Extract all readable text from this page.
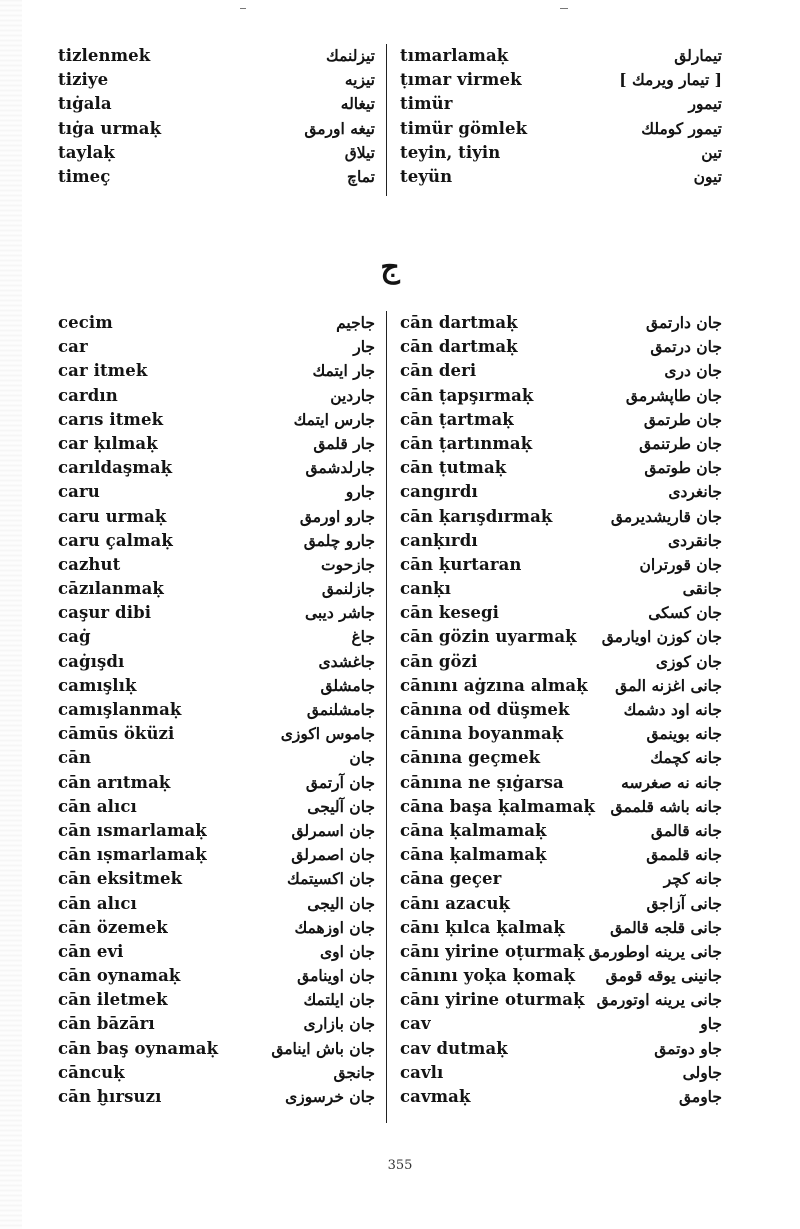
tizlenmek
tiziye
tıġala
tıġa urmaḳ
taylaḳ
timeç
تيزلنمك
تيزيه
تيغاله
تيغه اورمق
تيلاق
تماچ
tımarlamaḳ
ṭımar virmek
timür
timür gömlek
teyin, tiyin
teyün
تيمارلق
[ تيمار ويرمك ]
تيمور
تيمور كوملك
تين
تيون
ج
cecim
car
car itmek
cardın
carıs itmek
car ḳılmaḳ
carıldaşmaḳ
caru
caru urmaḳ
caru çalmaḳ
cazhut
cāzılanmaḳ
caşur dibi
caġ
caġışdı
camışlıḳ
camışlanmaḳ
cāmūs öküzi
cān
cān arıtmaḳ
cān alıcı
cān ısmarlamaḳ
cān ıṣmarlamaḳ
cān eksitmek
cān alıcı
cān özemek
cān evi
cān oynamaḳ
cān iletmek
cān bāzārı
cān baş oynamaḳ
cāncuḳ
cān ḫırsuzı
جاجيم
جار
جار ايتمك
جاردين
جارس ايتمك
جار قلمق
جارلدشمق
جارو
جارو اورمق
جارو چلمق
جازحوت
جازلنمق
جاشر ديبى
جاغ
جاغشدى
جامشلق
جامشلنمق
جاموس اكوزى
جان
جان آرتمق
جان آليجى
جان اسمرلق
جان اصمرلق
جان اكسيتمك
جان اليجى
جان اوزهمك
جان اوى
جان اوينامق
جان ايلتمك
جان بازارى
جان باش اينامق
جانجق
جان خرسوزى
cān dartmaḳ
cān dartmaḳ
cān deri
cān ṭapşırmaḳ
cān ṭartmaḳ
cān ṭartınmaḳ
cān ṭutmaḳ
cangırdı
cān ḳarışdırmaḳ
canḳırdı
cān ḳurtaran
canḳı
cān kesegi
cān gözin uyarmaḳ
cān gözi
cānını aġzına almaḳ
cānına od düşmek
cānına boyanmaḳ
cānına geçmek
cānına ne ṣıġarsa
cāna başa ḳalmamaḳ
cāna ḳalmamaḳ
cāna ḳalmamaḳ
cāna geçer
cānı azacuḳ
cānı ḳılca ḳalmaḳ
cānı yirine oṭurmaḳ
cānını yoḳa ḳomaḳ
cānı yirine oturmaḳ
cav
cav dutmaḳ
cavlı
cavmaḳ
جان دارتمق
جان درتمق
جان درى
جان طاپشرمق
جان طرتمق
جان طرتنمق
جان طوتمق
جانغردى
جان قاريشديرمق
جانقردى
جان قورتران
جانقى
جان كسكى
جان كوزن اويارمق
جان كوزى
جانى اغزنه المق
جانه اود دشمك
جانه بوينمق
جانه كچمك
جانه نه صغرسه
جانه باشه قلممق
جانه قالمق
جانه قلممق
جانه كچر
جانى آزاجق
جانى قلجه قالمق
جانى يرينه اوطورمق
جانينى يوقه قومق
جانى يرينه اوتورمق
جاو
جاو دوتمق
جاولى
جاومق
355
